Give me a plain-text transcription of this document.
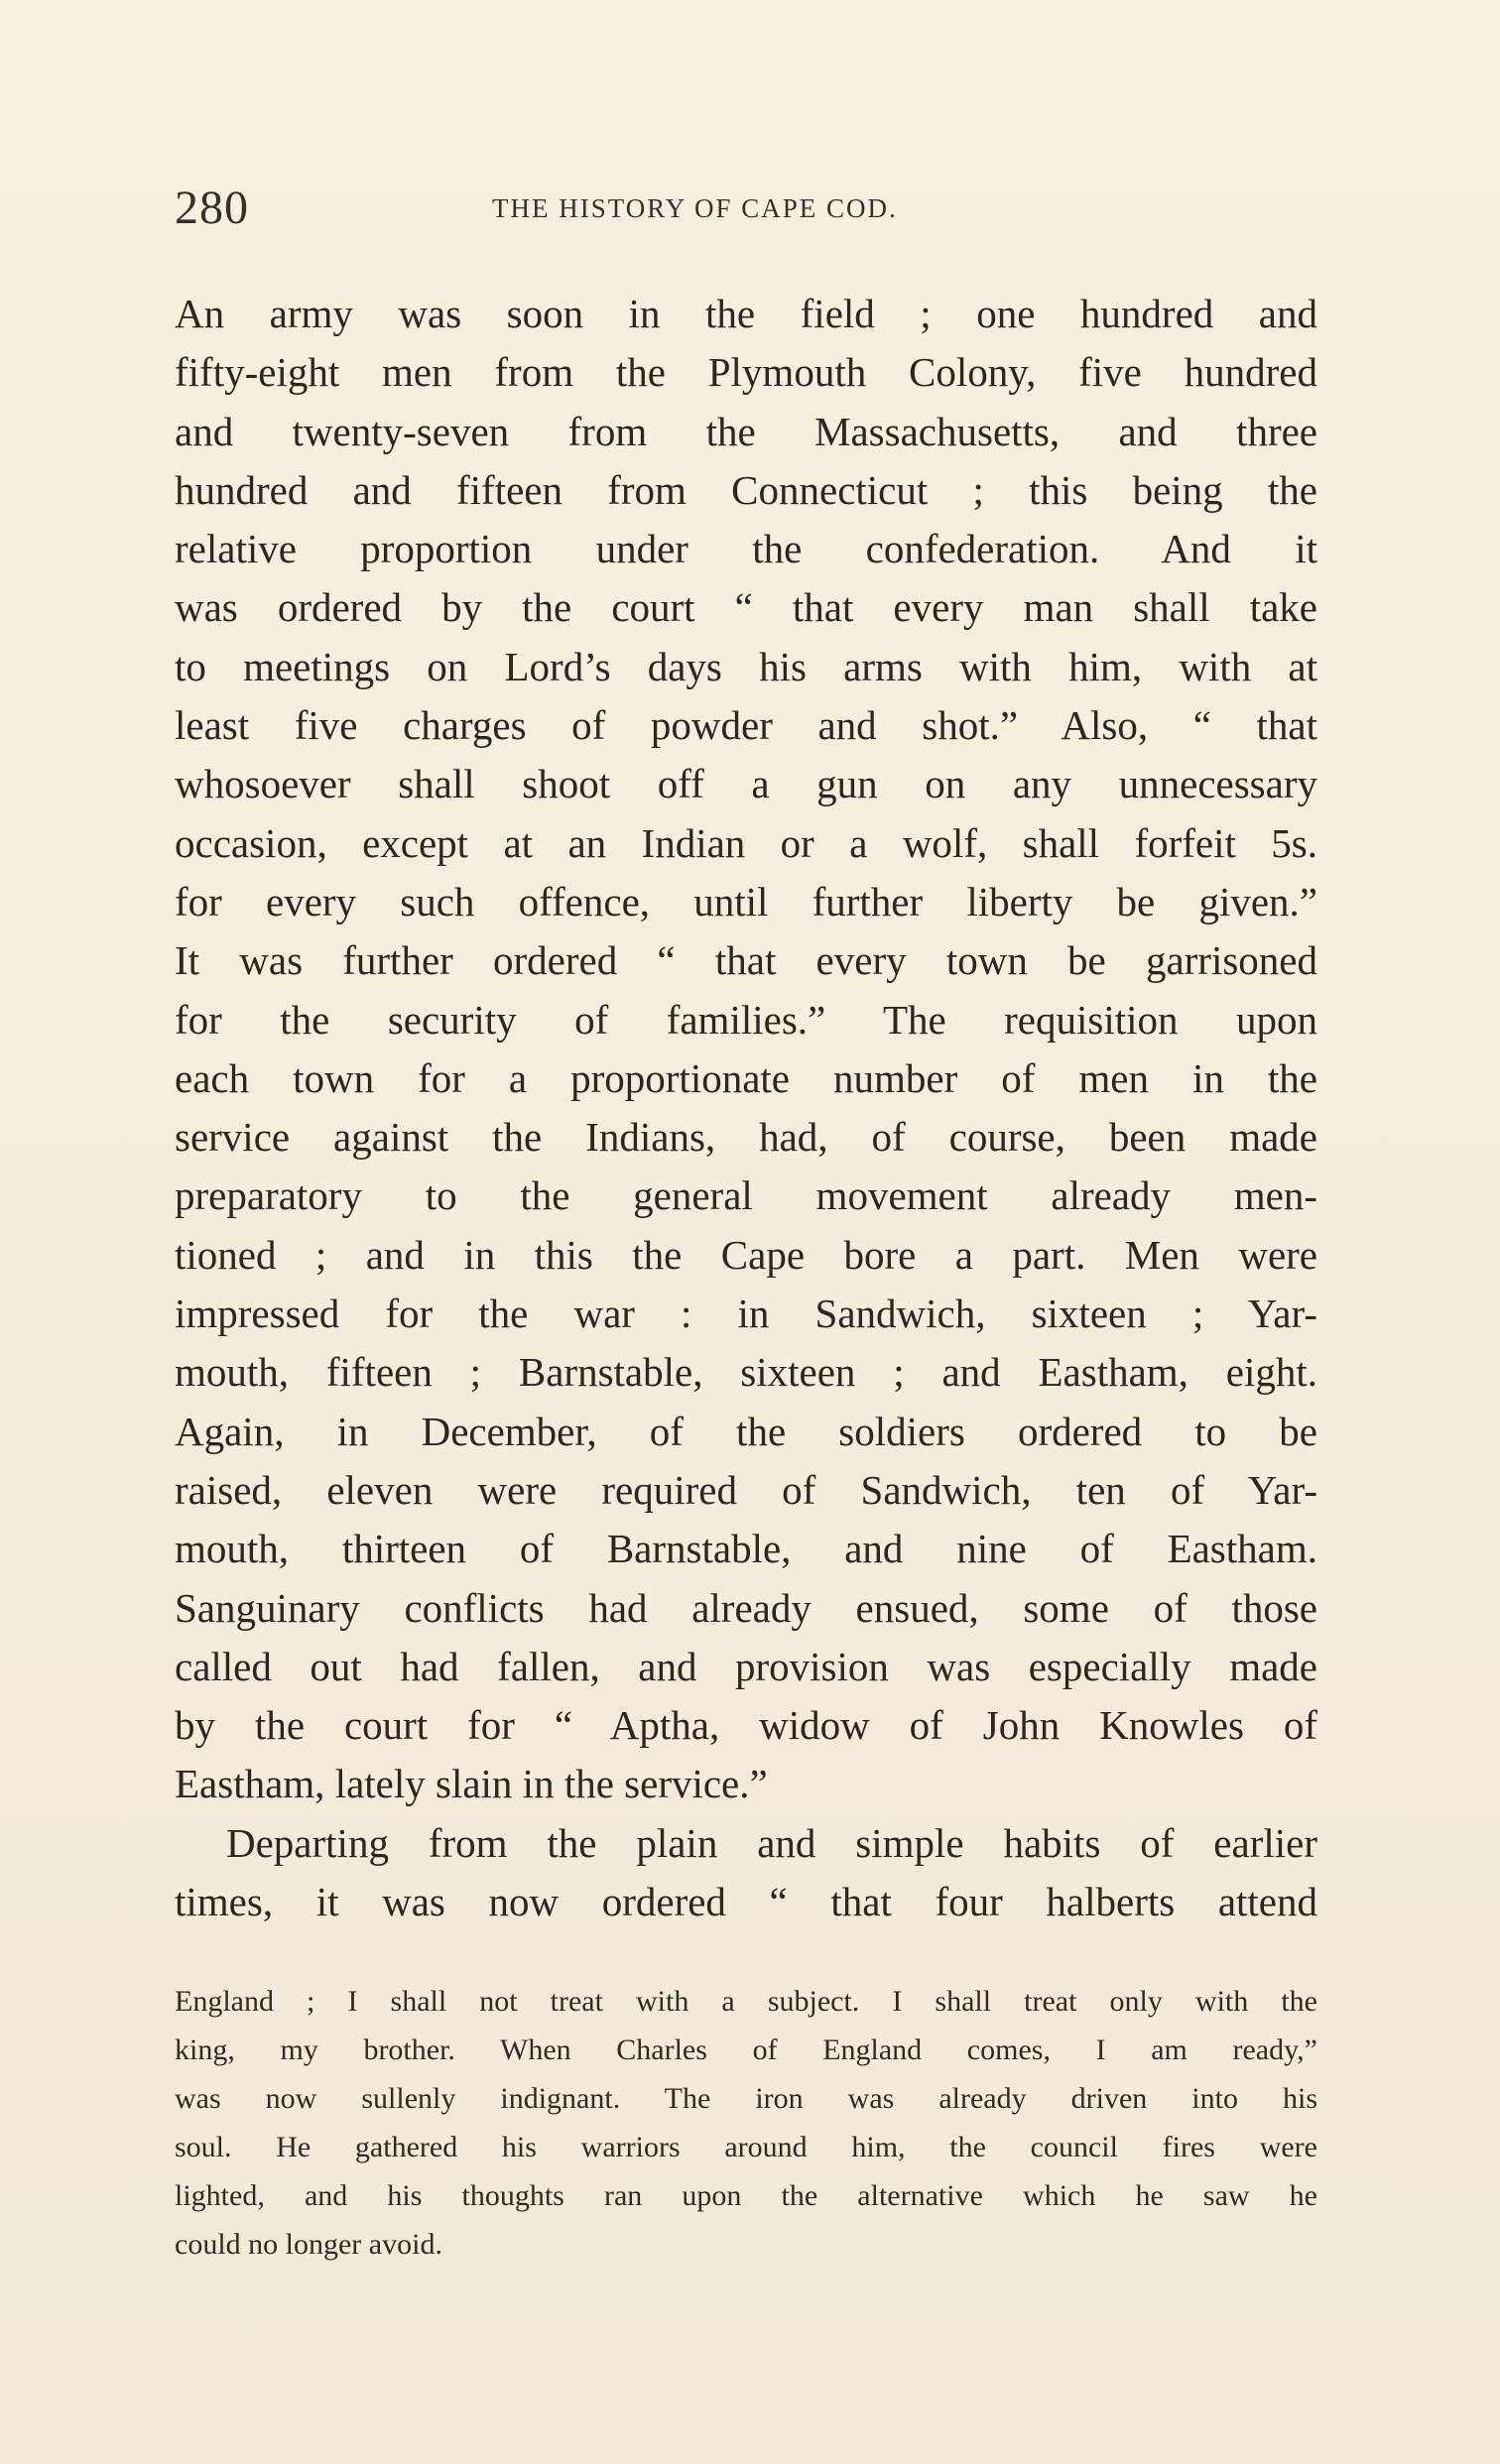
280	THE HISTORY OF CAPE COD.
An army was soon in the field ; one hundred and
fifty-eight men from the Plymouth Colony, five hundred
and twenty-seven from the Massachusetts, and three
hundred and fifteen from Connecticut ; this being the
relative proportion under the confederation. And it
was ordered by the court “ that every man shall take
to meetings on Lord’s days his arms with him, with at
least five charges of powder and shot.” Also, “ that
whosoever shall shoot off a gun on any unnecessary
occasion, except at an Indian or a wolf, shall forfeit 5s.
for every such offence, until further liberty be given.”
It was further ordered “ that every town be garrisoned
for the security of families.” The requisition upon
each town for a proportionate number of men in the
service against the Indians, had, of course, been made
preparatory to the general movement already men-
tioned ; and in this the Cape bore a part. Men were
impressed for the war : in Sandwich, sixteen ; Yar-
mouth, fifteen ; Barnstable, sixteen ; and Eastham, eight.
Again, in December, of the soldiers ordered to be
raised, eleven were required of Sandwich, ten of Yar-
mouth, thirteen of Barnstable, and nine of Eastham.
Sanguinary conflicts had already ensued, some of those
called out had fallen, and provision was especially made
by the court for “ Aptha, widow of John Knowles of
Eastham, lately slain in the service.”
Departing from the plain and simple habits of earlier
times, it was now ordered “ that four halberts attend
England ; I shall not treat with a subject. I shall treat only with the
king, my brother. When Charles of England comes, I am ready,”
was now sullenly indignant. The iron was already driven into his
soul. He gathered his warriors around him, the council fires were
lighted, and his thoughts ran upon the alternative which he saw he
could no longer avoid.
